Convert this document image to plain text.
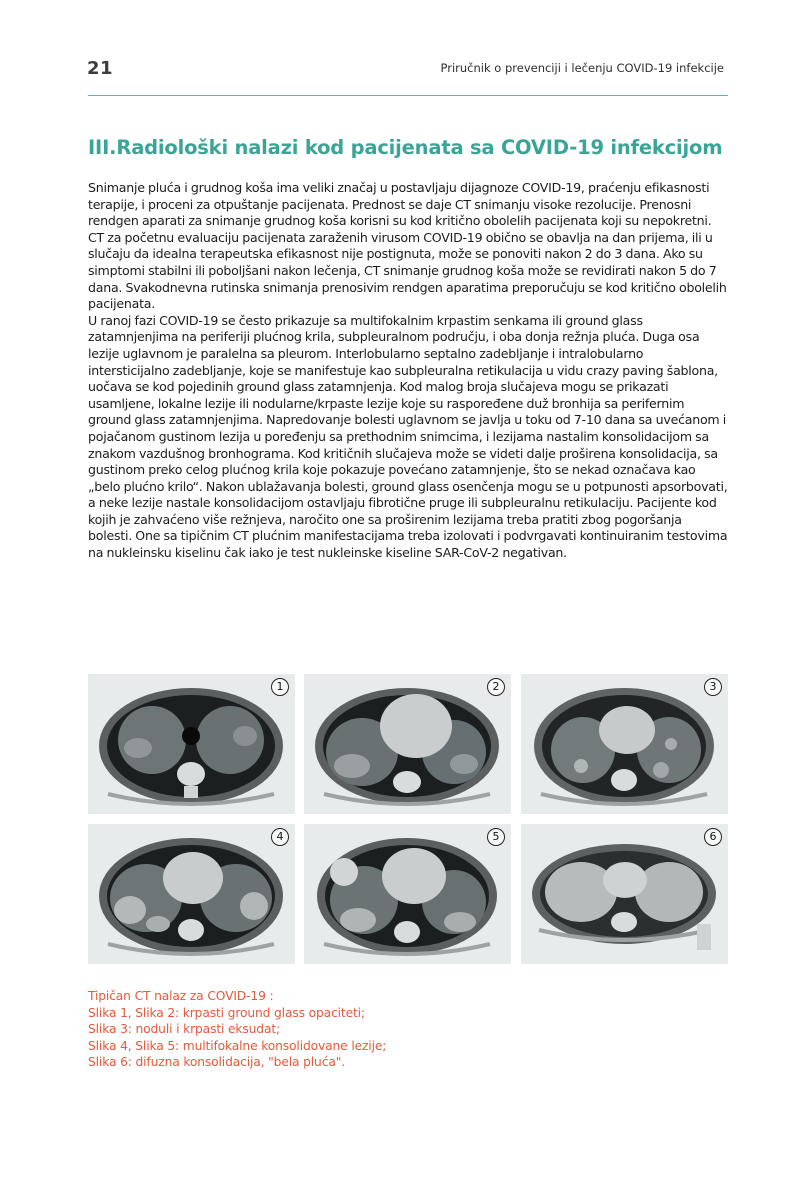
21	Priručnik o prevenciji i lečenju COVID-19 infekcije
III.Radiološki nalazi kod pacijenata sa COVID-19 infekcijom

Snimanje pluća i grudnog koša ima veliki značaj u postavljaju dijagnoze COVID-19, praćenju efikasnosti terapije, i proceni za otpuštanje pacijenata. Prednost se daje CT snimanju visoke rezolucije. Prenosni rendgen aparati za snimanje grudnog koša korisni su kod kritično obolelih pacijenata koji su nepokretni. CT za početnu evaluaciju pacijenata zaraženih virusom COVID-19 obično se obavlja na dan prijema, ili u slučaju da idealna terapeutska efikasnost nije postignuta, može se ponoviti nakon 2 do 3 dana. Ako su simptomi stabilni ili poboljšani nakon lečenja, CT snimanje grudnog koša može se revidirati nakon 5 do 7 dana. Svakodnevna rutinska snimanja prenosivim rendgen aparatima preporučuju se kod kritično obolelih pacijenata.

U ranoj fazi COVID-19 se često prikazuje sa multifokalnim krpastim senkama ili ground glass zatamnjenjima na periferiji plućnog krila, subpleuralnom području, i oba donja režnja pluća. Duga osa lezije uglavnom je paralelna sa pleurom. Interlobularno septalno zadebljanje i intralobularno intersticijalno zadebljanje, koje se manifestuje kao subpleuralna retikulacija u vidu crazy paving šablona, uočava se kod pojedinih ground glass zatamnjenja. Kod malog broja slučajeva mogu se prikazati usamljene, lokalne lezije ili nodularne/krpaste lezije koje su raspoređene duž bronhija sa perifernim ground glass zatamnjenjima. Napredovanje bolesti uglavnom se javlja u toku od 7-10 dana sa uvećanom i pojačanom gustinom lezija u poređenju sa prethodnim snimcima, i lezijama nastalim konsolidacijom sa znakom vazdušnog bronhograma. Kod kritičnih slučajeva može se videti dalje proširena konsolidacija, sa gustinom preko celog plućnog krila koje pokazuje povećano zatamnjenje, što se nekad označava kao „belo plućno krilo“. Nakon ublažavanja bolesti, ground glass osenčenja mogu se u potpunosti apsorbovati, a neke lezije nastale konsolidacijom ostavljaju fibrotične pruge ili subpleuralnu retikulaciju. Pacijente kod kojih je zahvaćeno više režnjeva, naročito one sa proširenim lezijama treba pratiti zbog pogoršanja bolesti. One sa tipičnim CT plućnim manifestacijama treba izolovati i podvrgavati kontinuiranim testovima na nukleinsku kiselinu čak iako je test nukleinske kiseline SAR-CoV-2 negativan.

1	2	3
4	5	6
Tipičan CT nalaz za COVID-19 :
Slika 1, Slika 2: krpasti ground glass opaciteti;
Slika 3: noduli i krpasti eksudat;
Slika 4, Slika 5: multifokalne konsolidovane lezije;
Slika 6: difuzna konsolidacija, "bela pluća".
